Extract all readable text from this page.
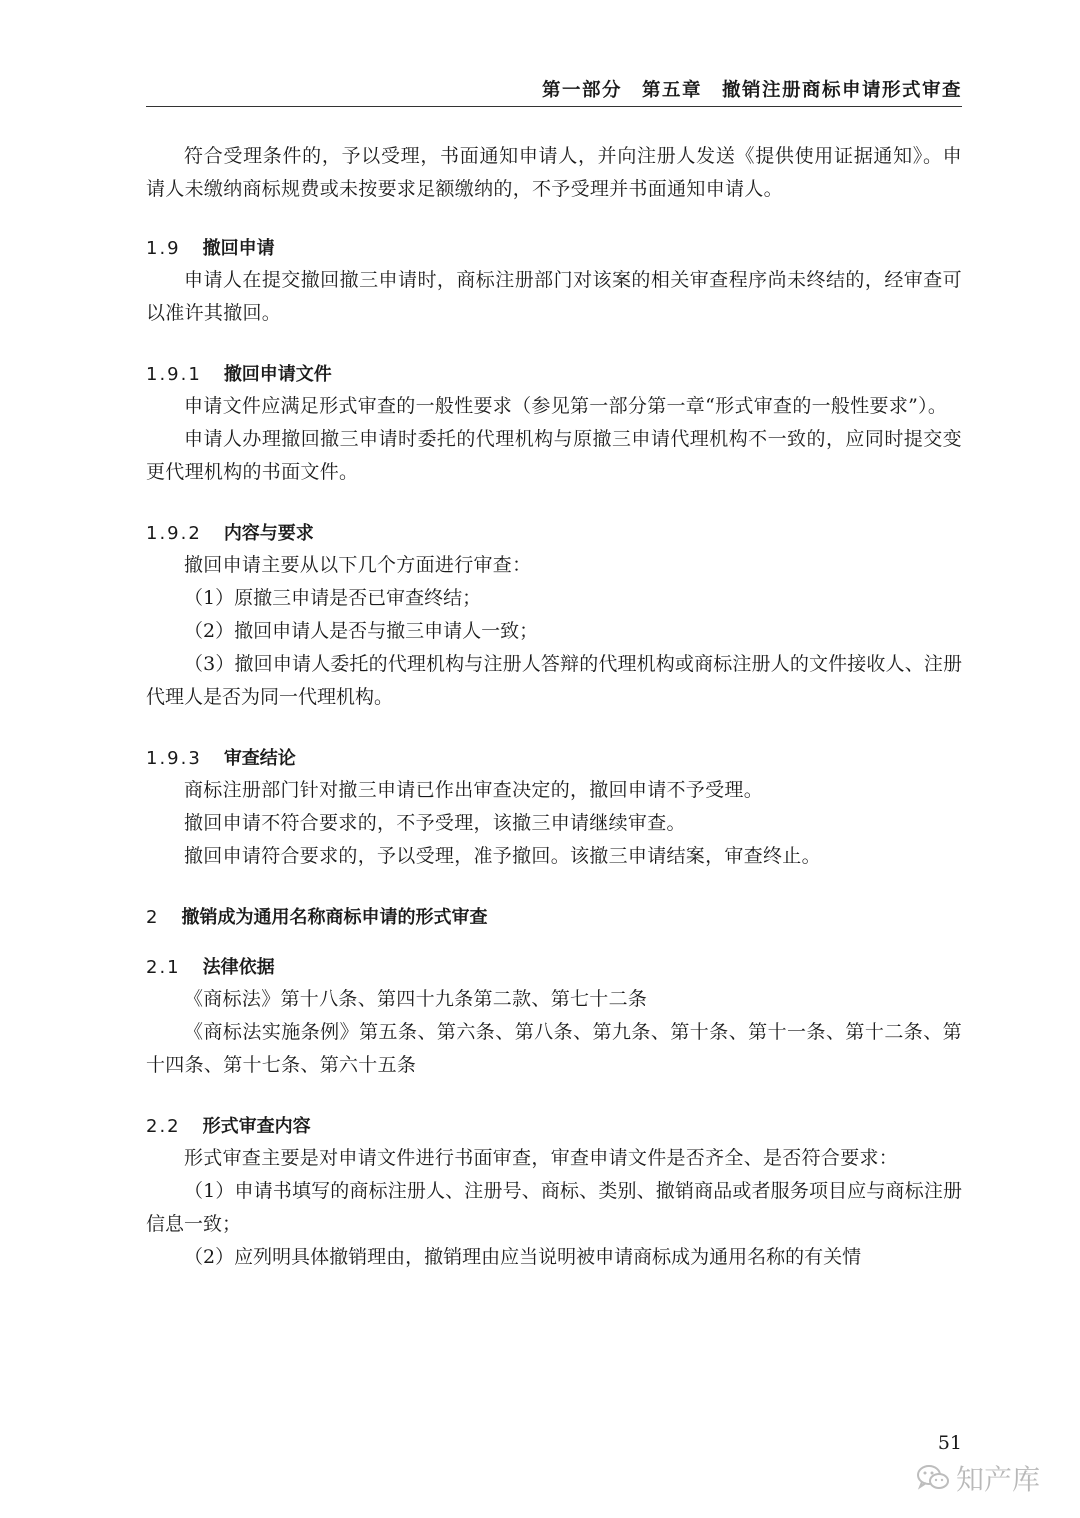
第一部分　第五章　撤销注册商标申请形式审查

符合受理条件的，予以受理，书面通知申请人，并向注册人发送《提供使用证据通知》。申请人未缴纳商标规费或未按要求足额缴纳的，不予受理并书面通知申请人。

1.9 撤回申请

申请人在提交撤回撤三申请时，商标注册部门对该案的相关审查程序尚未终结的，经审查可以准许其撤回。

1.9.1 撤回申请文件

申请文件应满足形式审查的一般性要求（参见第一部分第一章“形式审查的一般性要求”）。

申请人办理撤回撤三申请时委托的代理机构与原撤三申请代理机构不一致的，应同时提交变更代理机构的书面文件。

1.9.2 内容与要求

撤回申请主要从以下几个方面进行审查：

（1）原撤三申请是否已审查终结；

（2）撤回申请人是否与撤三申请人一致；

（3）撤回申请人委托的代理机构与注册人答辩的代理机构或商标注册人的文件接收人、注册代理人是否为同一代理机构。

1.9.3 审查结论

商标注册部门针对撤三申请已作出审查决定的，撤回申请不予受理。

撤回申请不符合要求的，不予受理，该撤三申请继续审查。

撤回申请符合要求的，予以受理，准予撤回。该撤三申请结案，审查终止。

2 撤销成为通用名称商标申请的形式审查
2.1 法律依据

《商标法》第十八条、第四十九条第二款、第七十二条

《商标法实施条例》第五条、第六条、第八条、第九条、第十条、第十一条、第十二条、第十四条、第十七条、第六十五条

2.2 形式审查内容

形式审查主要是对申请文件进行书面审查，审查申请文件是否齐全、是否符合要求：

（1）申请书填写的商标注册人、注册号、商标、类别、撤销商品或者服务项目应与商标注册信息一致；

（2）应列明具体撤销理由，撤销理由应当说明被申请商标成为通用名称的有关情

51
知产库
